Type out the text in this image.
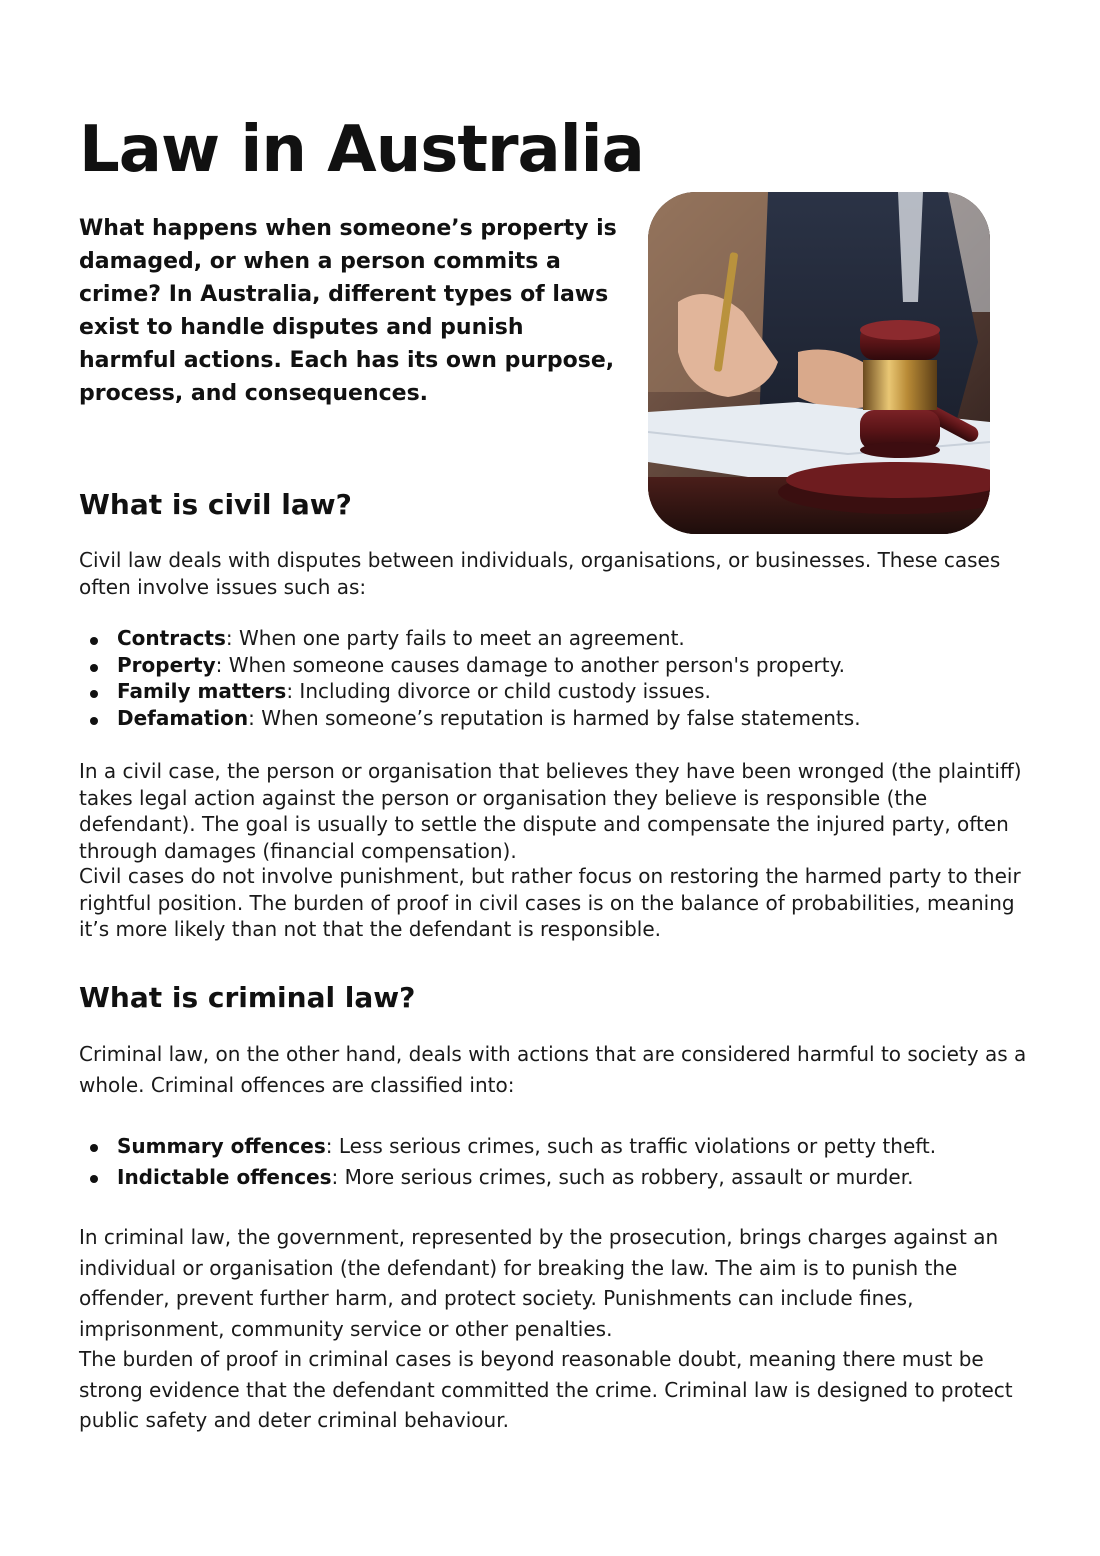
Law in Australia

What happens when someone’s property is damaged, or when a person commits a crime? In Australia, different types of laws exist to handle disputes and punish harmful actions. Each has its own purpose, process, and consequences.

What is civil law?

Civil law deals with disputes between individuals, organisations, or businesses. These cases often involve issues such as:

Contracts: When one party fails to meet an agreement.
Property: When someone causes damage to another person's property.
Family matters: Including divorce or child custody issues.
Defamation: When someone’s reputation is harmed by false statements.

In a civil case, the person or organisation that believes they have been wronged (the plaintiff) takes legal action against the person or organisation they believe is responsible (the defendant). The goal is usually to settle the dispute and compensate the injured party, often through damages (financial compensation).

Civil cases do not involve punishment, but rather focus on restoring the harmed party to their rightful position. The burden of proof in civil cases is on the balance of probabilities, meaning it’s more likely than not that the defendant is responsible.

What is criminal law?

Criminal law, on the other hand, deals with actions that are considered harmful to society as a whole. Criminal offences are classified into:

Summary offences: Less serious crimes, such as traffic violations or petty theft.
Indictable offences: More serious crimes, such as robbery, assault or murder.

In criminal law, the government, represented by the prosecution, brings charges against an individual or organisation (the defendant) for breaking the law. The aim is to punish the offender, prevent further harm, and protect society. Punishments can include fines, imprisonment, community service or other penalties.

The burden of proof in criminal cases is beyond reasonable doubt, meaning there must be strong evidence that the defendant committed the crime. Criminal law is designed to protect public safety and deter criminal behaviour.
